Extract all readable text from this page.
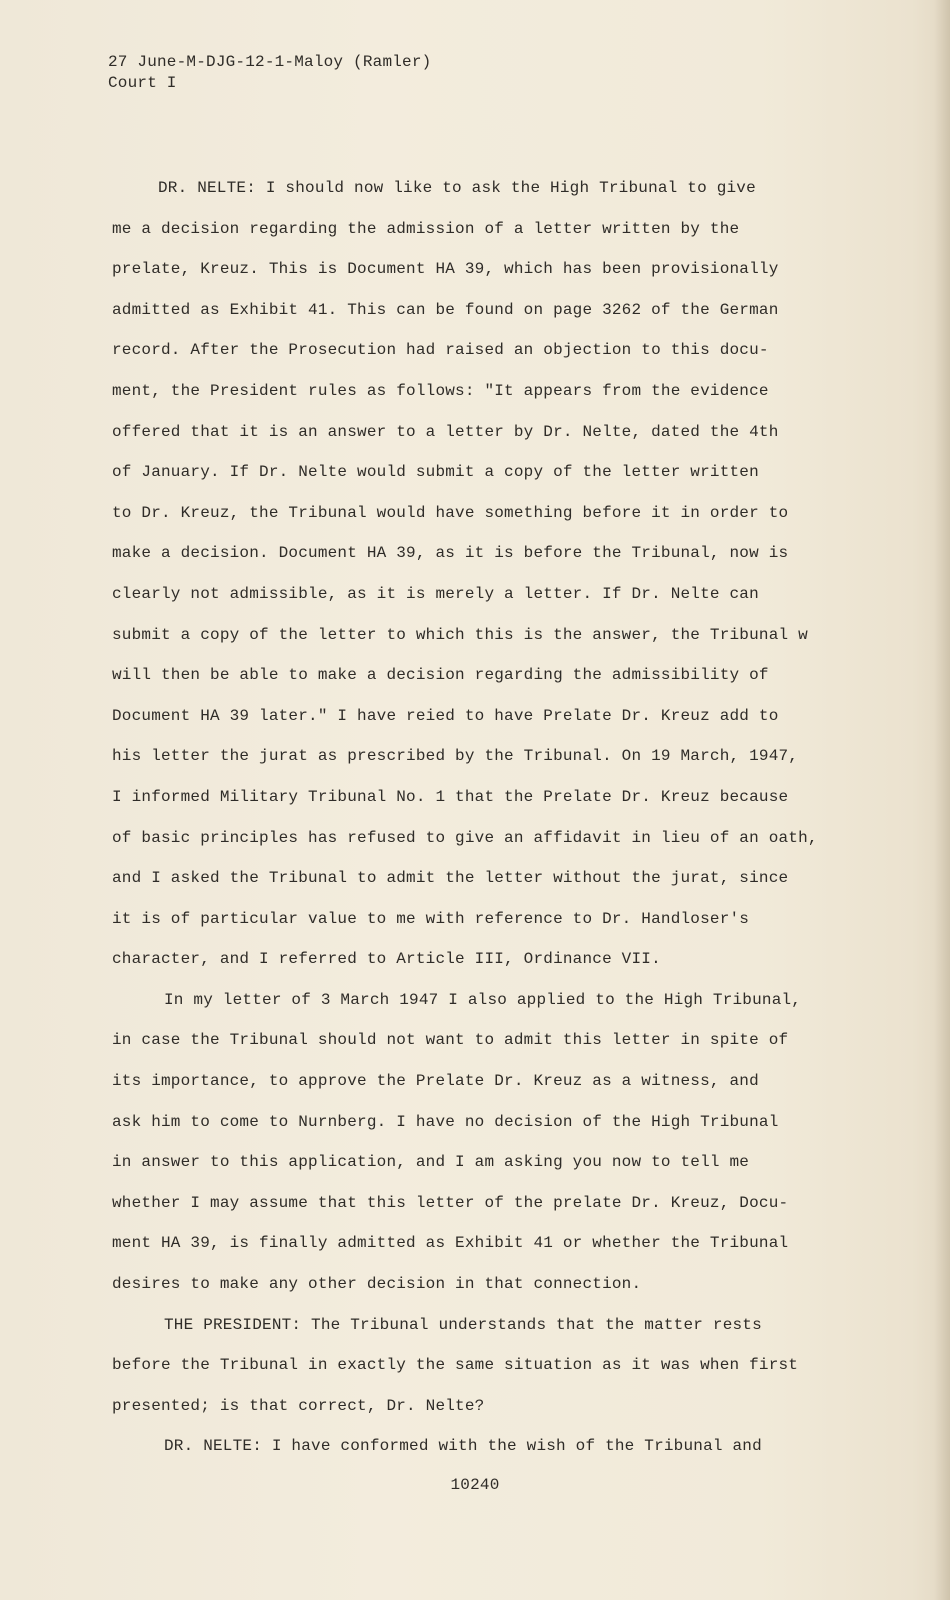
27 June-M-DJG-12-1-Maloy (Ramler)
Court I
DR. NELTE: I should now like to ask the High Tribunal to give
me a decision regarding the admission of a letter written by the
prelate, Kreuz. This is Document HA 39, which has been provisionally
admitted as Exhibit 41. This can be found on page 3262 of the German
record. After the Prosecution had raised an objection to this docu-
ment, the President rules as follows: "It appears from the evidence
offered that it is an answer to a letter by Dr. Nelte, dated the 4th
of January. If Dr. Nelte would submit a copy of the letter written
to Dr. Kreuz, the Tribunal would have something before it in order to
make a decision. Document HA 39, as it is before the Tribunal, now is
clearly not admissible, as it is merely a letter. If Dr. Nelte can
submit a copy of the letter to which this is the answer, the Tribunal w
will then be able to make a decision regarding the admissibility of
Document HA 39 later." I have reied to have Prelate Dr. Kreuz add to
his letter the jurat as prescribed by the Tribunal. On 19 March, 1947,
I informed Military Tribunal No. 1 that the Prelate Dr. Kreuz because
of basic principles has refused to give an affidavit in lieu of an oath,
and I asked the Tribunal to admit the letter without the jurat, since
it is of particular value to me with reference to Dr. Handloser's
character, and I referred to Article III, Ordinance VII.
In my letter of 3 March 1947 I also applied to the High Tribunal,
in case the Tribunal should not want to admit this letter in spite of
its importance, to approve the Prelate Dr. Kreuz as a witness, and
ask him to come to Nurnberg. I have no decision of the High Tribunal
in answer to this application, and I am asking you now to tell me
whether I may assume that this letter of the prelate Dr. Kreuz, Docu-
ment HA 39, is finally admitted as Exhibit 41 or whether the Tribunal
desires to make any other decision in that connection.
THE PRESIDENT: The Tribunal understands that the matter rests
before the Tribunal in exactly the same situation as it was when first
presented; is that correct, Dr. Nelte?
DR. NELTE: I have conformed with the wish of the Tribunal and
10240
